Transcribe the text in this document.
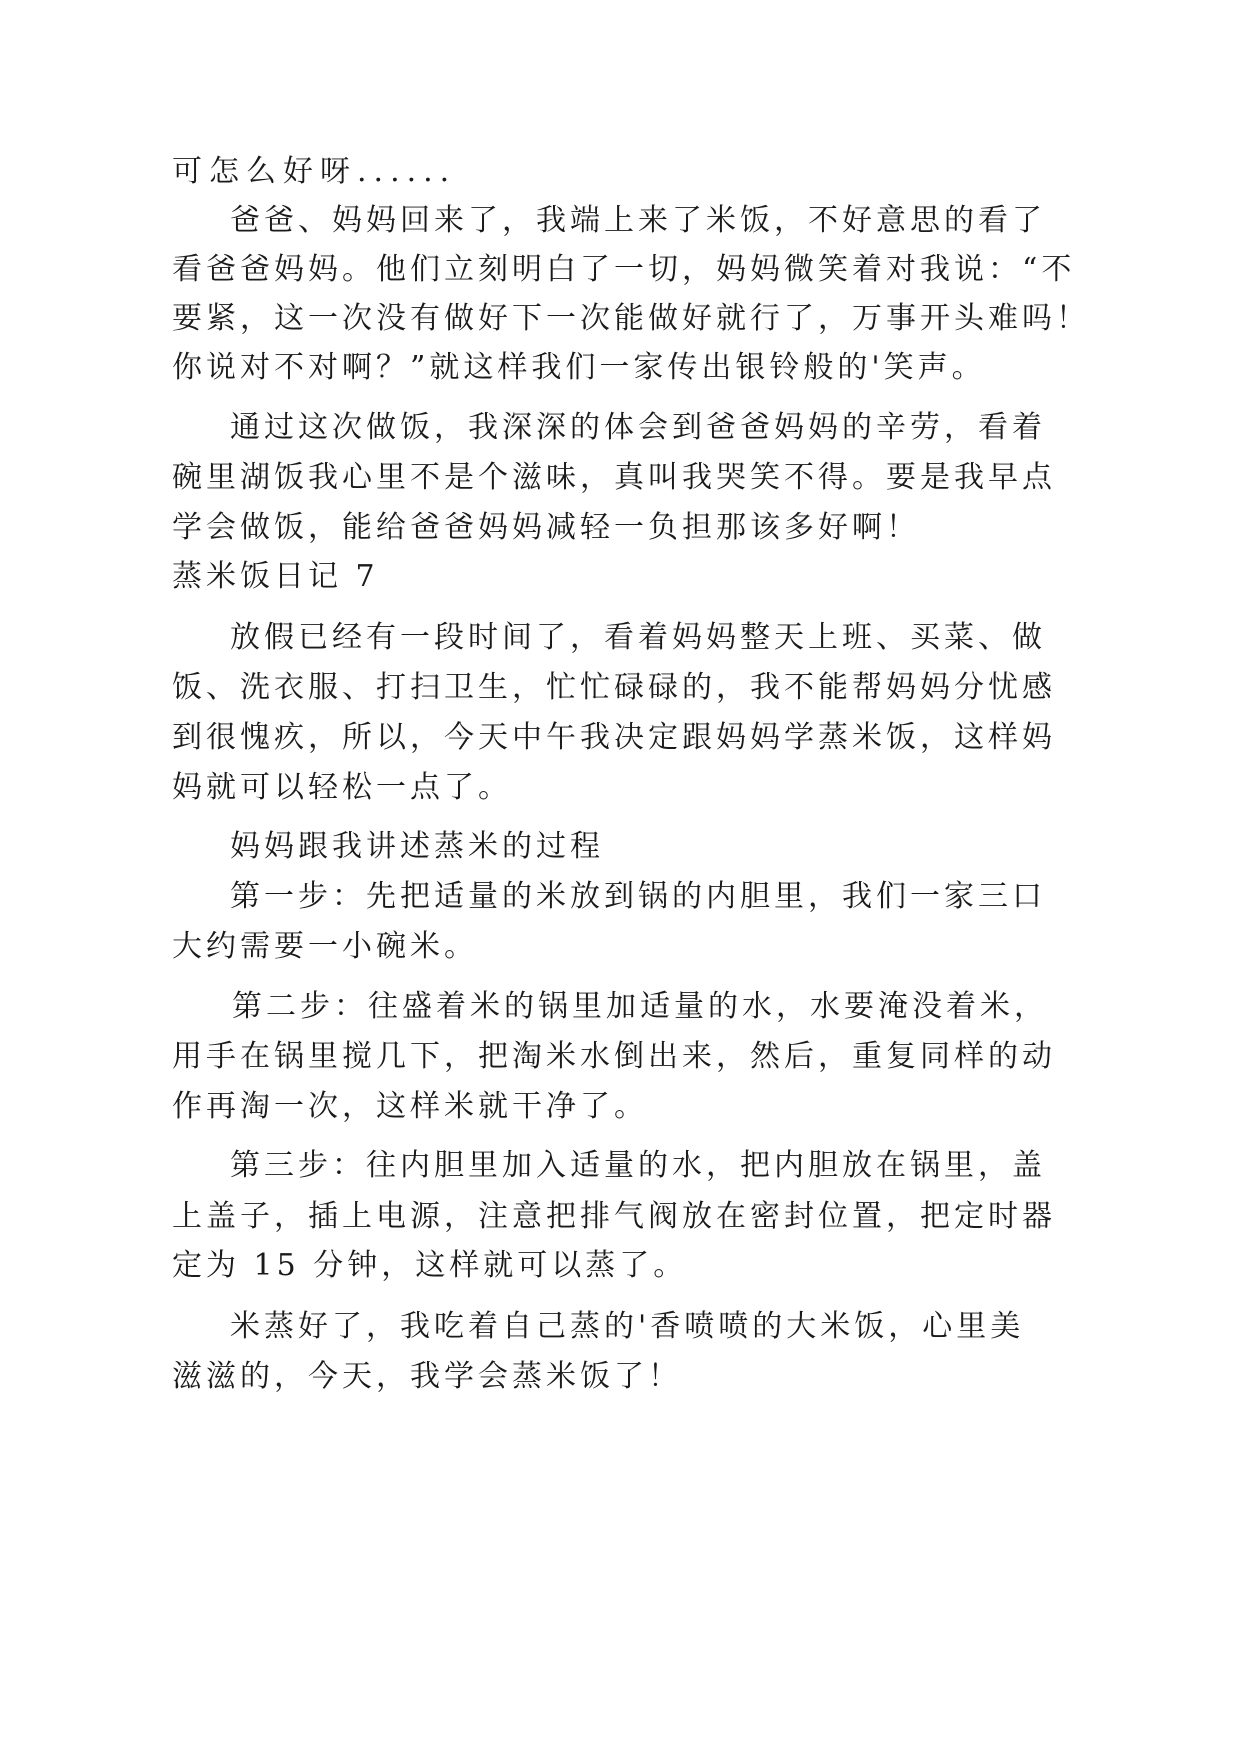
可怎么好呀......

爸爸、妈妈回来了，我端上来了米饭，不好意思的看了

看爸爸妈妈。他们立刻明白了一切，妈妈微笑着对我说：“不

要紧，这一次没有做好下一次能做好就行了，万事开头难吗！

你说对不对啊？”就这样我们一家传出银铃般的'笑声。

通过这次做饭，我深深的体会到爸爸妈妈的辛劳，看着

碗里湖饭我心里不是个滋味，真叫我哭笑不得。要是我早点

学会做饭，能给爸爸妈妈减轻一负担那该多好啊！

蒸米饭日记 7

放假已经有一段时间了，看着妈妈整天上班、买菜、做

饭、洗衣服、打扫卫生，忙忙碌碌的，我不能帮妈妈分忧感

到很愧疚，所以，今天中午我决定跟妈妈学蒸米饭，这样妈

妈就可以轻松一点了。

妈妈跟我讲述蒸米的过程

第一步：先把适量的米放到锅的内胆里，我们一家三口

大约需要一小碗米。

第二步：往盛着米的锅里加适量的水，水要淹没着米，

用手在锅里搅几下，把淘米水倒出来，然后，重复同样的动

作再淘一次，这样米就干净了。

第三步：往内胆里加入适量的水，把内胆放在锅里，盖

上盖子，插上电源，注意把排气阀放在密封位置，把定时器

定为 15 分钟，这样就可以蒸了。

米蒸好了，我吃着自己蒸的'香喷喷的大米饭，心里美

滋滋的，今天，我学会蒸米饭了！
